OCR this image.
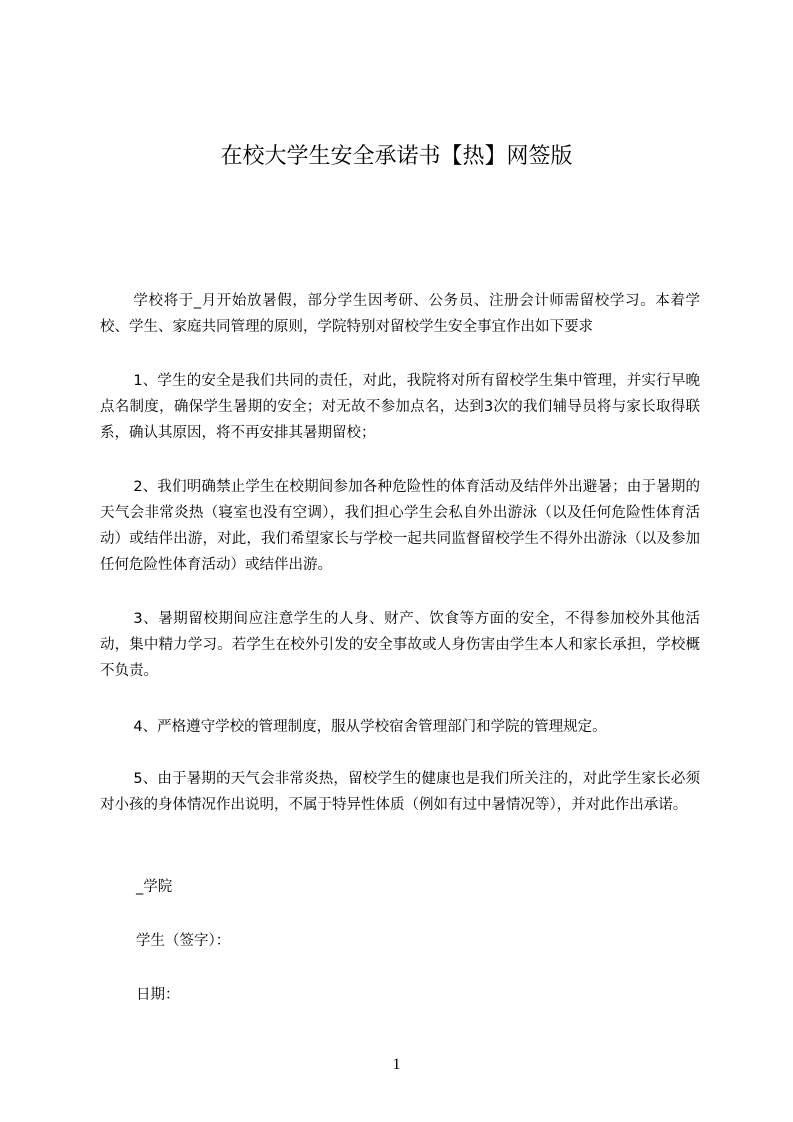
在校大学生安全承诺书【热】网签版
学校将于_月开始放暑假，部分学生因考研、公务员、注册会计师需留校学习。本着学校、学生、家庭共同管理的原则，学院特别对留校学生安全事宜作出如下要求
1、学生的安全是我们共同的责任，对此，我院将对所有留校学生集中管理，并实行早晚点名制度，确保学生暑期的安全；对无故不参加点名，达到3次的我们辅导员将与家长取得联系，确认其原因，将不再安排其暑期留校；
2、我们明确禁止学生在校期间参加各种危险性的体育活动及结伴外出避暑；由于暑期的天气会非常炎热（寝室也没有空调），我们担心学生会私自外出游泳（以及任何危险性体育活动）或结伴出游，对此，我们希望家长与学校一起共同监督留校学生不得外出游泳（以及参加任何危险性体育活动）或结伴出游。
3、暑期留校期间应注意学生的人身、财产、饮食等方面的安全，不得参加校外其他活动，集中精力学习。若学生在校外引发的安全事故或人身伤害由学生本人和家长承担，学校概不负责。
4、严格遵守学校的管理制度，服从学校宿舍管理部门和学院的管理规定。
5、由于暑期的天气会非常炎热，留校学生的健康也是我们所关注的，对此学生家长必须对小孩的身体情况作出说明，不属于特异性体质（例如有过中暑情况等），并对此作出承诺。
_学院
学生（签字）：
日期：
1
